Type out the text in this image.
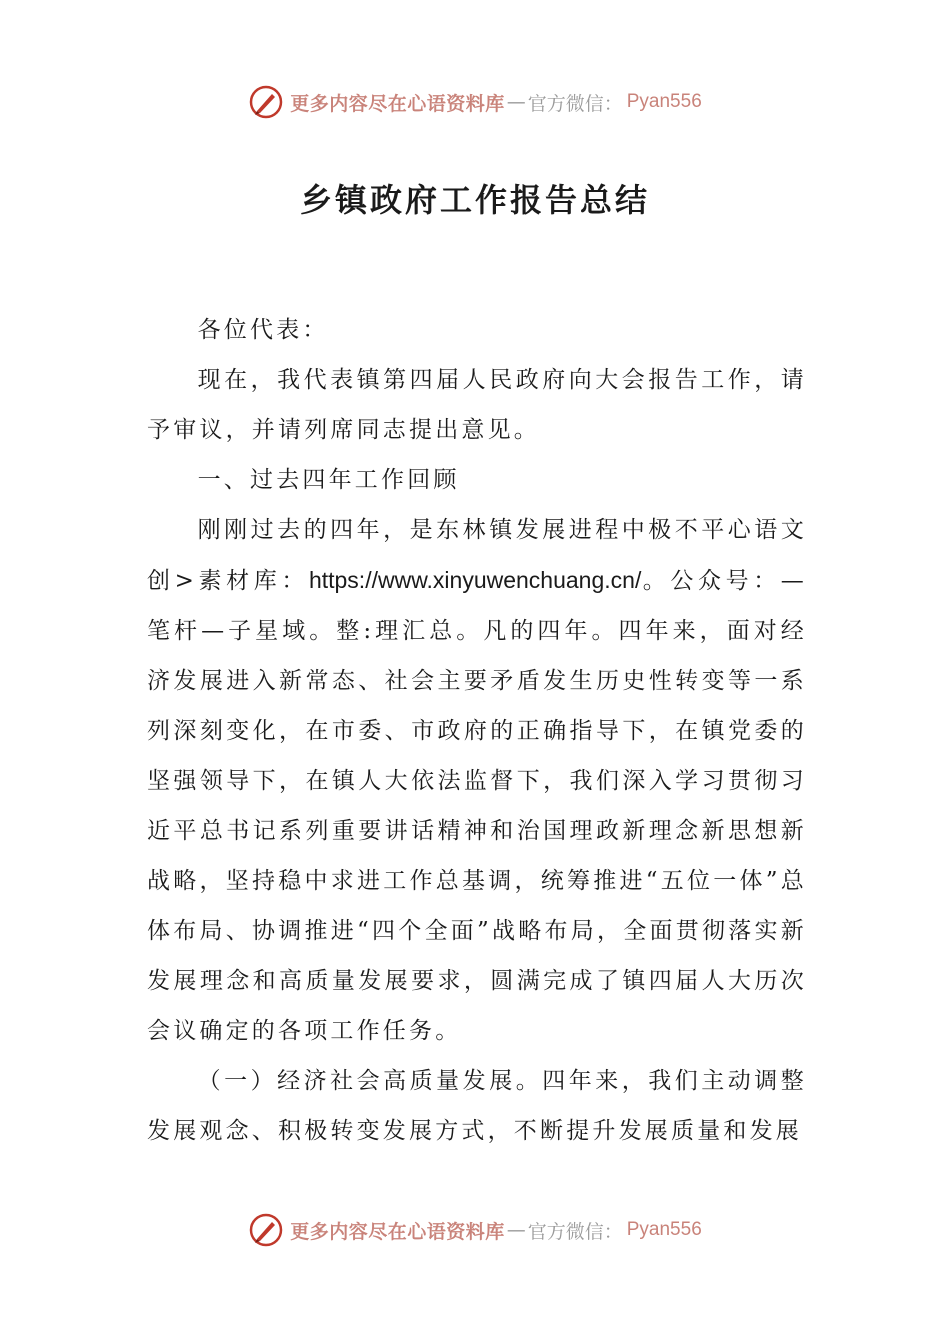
更多内容尽在心语资料库 — 官方微信： Pyan556
乡镇政府工作报告总结

各位代表：

现在，我代表镇第四届人民政府向大会报告工作，请予审议，并请列席同志提出意见。

一、过去四年工作回顾

刚刚过去的四年，是东林镇发展进程中极不平心语文创>素材库：https://www.xinyuwenchuang.cn/。公众号：—笔杆—子星域。整:理汇总。凡的四年。四年来，面对经济发展进入新常态、社会主要矛盾发生历史性转变等一系列深刻变化，在市委、市政府的正确指导下，在镇党委的坚强领导下，在镇人大依法监督下，我们深入学习贯彻习近平总书记系列重要讲话精神和治国理政新理念新思想新战略，坚持稳中求进工作总基调，统筹推进“五位一体”总体布局、协调推进“四个全面”战略布局，全面贯彻落实新发展理念和高质量发展要求，圆满完成了镇四届人大历次会议确定的各项工作任务。

（一）经济社会高质量发展。四年来，我们主动调整发展观念、积极转变发展方式，不断提升发展质量和发展

更多内容尽在心语资料库 — 官方微信： Pyan556
